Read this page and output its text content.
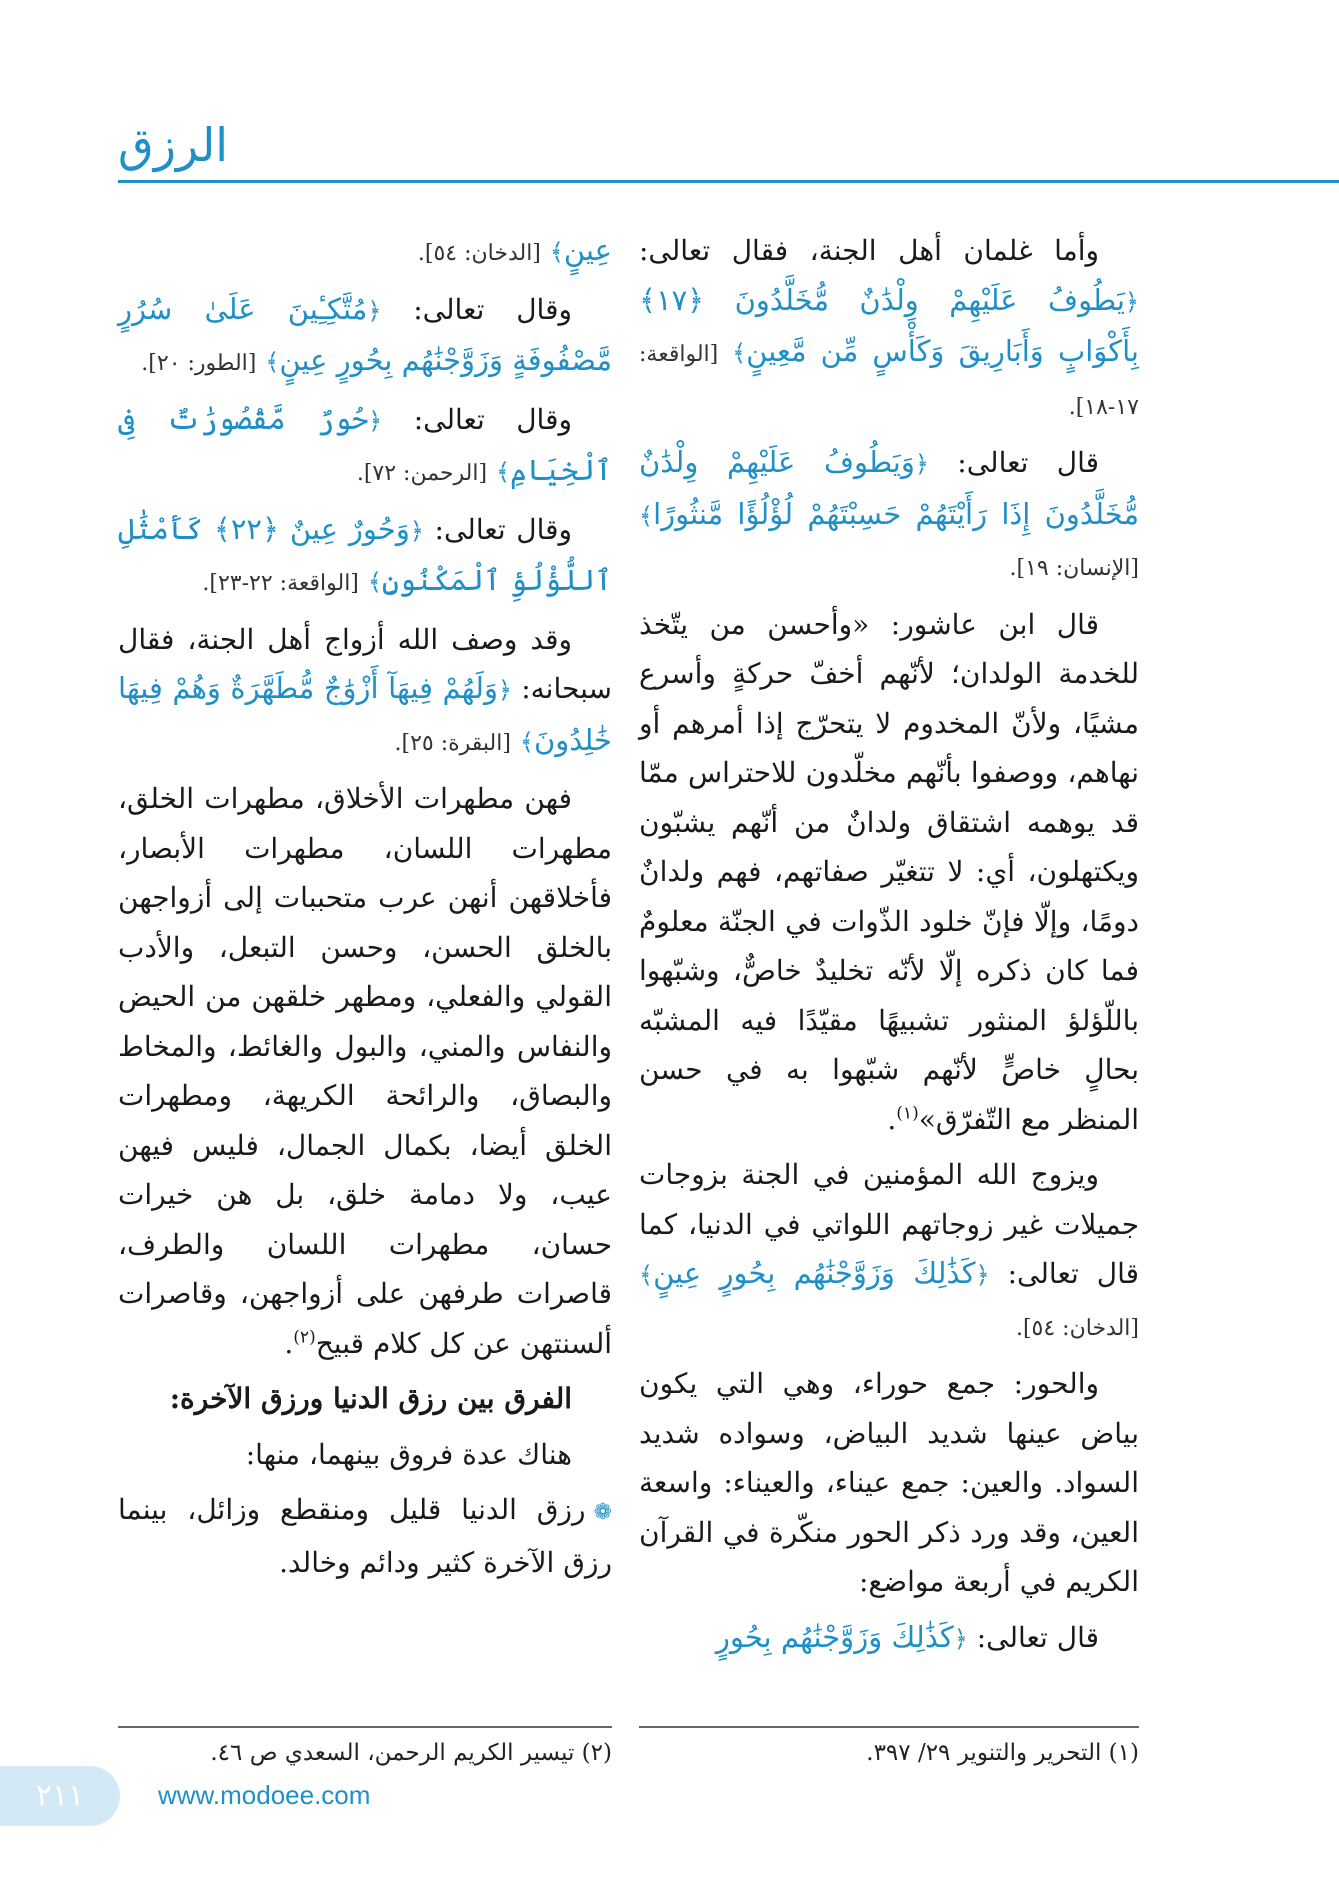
الرزق

وأما غلمان أهل الجنة، فقال تعالى: ﴿يَطُوفُ عَلَيْهِمْ وِلْدَٰنٌ مُّخَلَّدُونَ ﴿١٧﴾ بِأَكْوَابٍ وَأَبَارِيقَ وَكَأْسٍ مِّن مَّعِينٍ﴾ [الواقعة: ١٧-١٨].

قال تعالى: ﴿وَيَطُوفُ عَلَيْهِمْ وِلْدَٰنٌ مُّخَلَّدُونَ إِذَا رَأَيْتَهُمْ حَسِبْتَهُمْ لُؤْلُؤًا مَّنثُورًا﴾ [الإنسان: ١٩].

قال ابن عاشور: «وأحسن من يتّخذ للخدمة الولدان؛ لأنّهم أخفّ حركةٍ وأسرع مشيًا، ولأنّ المخدوم لا يتحرّج إذا أمرهم أو نهاهم، ووصفوا بأنّهم مخلّدون للاحتراس ممّا قد يوهمه اشتقاق ولدانٌ من أنّهم يشبّون ويكتهلون، أي: لا تتغيّر صفاتهم، فهم ولدانٌ دومًا، وإلّا فإنّ خلود الذّوات في الجنّة معلومٌ فما كان ذكره إلّا لأنّه تخليدٌ خاصٌّ، وشبّهوا باللّؤلؤ المنثور تشبيهًا مقيّدًا فيه المشبّه بحالٍ خاصٍّ لأنّهم شبّهوا به في حسن المنظر مع التّفرّق»$^{(١)}$.

ويزوج الله المؤمنين في الجنة بزوجات جميلات غير زوجاتهم اللواتي في الدنيا، كما قال تعالى: ﴿كَذَٰلِكَ وَزَوَّجْنَٰهُم بِحُورٍ عِينٍ﴾ [الدخان: ٥٤].

والحور: جمع حوراء، وهي التي يكون بياض عينها شديد البياض، وسواده شديد السواد. والعين: جمع عيناء، والعيناء: واسعة العين، وقد ورد ذكر الحور منكّرة في القرآن الكريم في أربعة مواضع:

قال تعالى: ﴿كَذَٰلِكَ وَزَوَّجْنَٰهُم بِحُورٍ

عِينٍ﴾ [الدخان: ٥٤].

وقال تعالى: ﴿مُتَّكِـِٔينَ عَلَىٰ سُرُرٍ مَّصْفُوفَةٍ وَزَوَّجْنَٰهُم بِحُورٍ عِينٍ﴾ [الطور: ٢٠].

وقال تعالى: ﴿حُورٌ مَّقْصُورَٰتٌ فِى ٱلْخِيَامِ﴾ [الرحمن: ٧٢].

وقال تعالى: ﴿وَحُورٌ عِينٌ ﴿٢٢﴾ كَأَمْثَٰلِ ٱللُّؤْلُؤِ ٱلْمَكْنُونِ﴾ [الواقعة: ٢٢-٢٣].

وقد وصف الله أزواج أهل الجنة، فقال سبحانه: ﴿وَلَهُمْ فِيهَآ أَزْوَٰجٌ مُّطَهَّرَةٌ وَهُمْ فِيهَا خَٰلِدُونَ﴾ [البقرة: ٢٥].

فهن مطهرات الأخلاق، مطهرات الخلق، مطهرات اللسان، مطهرات الأبصار، فأخلاقهن أنهن عرب متحببات إلى أزواجهن بالخلق الحسن، وحسن التبعل، والأدب القولي والفعلي، ومطهر خلقهن من الحيض والنفاس والمني، والبول والغائط، والمخاط والبصاق، والرائحة الكريهة، ومطهرات الخلق أيضا، بكمال الجمال، فليس فيهن عيب، ولا دمامة خلق، بل هن خيرات حسان، مطهرات اللسان والطرف، قاصرات طرفهن على أزواجهن، وقاصرات ألسنتهن عن كل كلام قبيح$^{(٢)}$.

الفرق بين رزق الدنيا ورزق الآخرة:

هناك عدة فروق بينهما، منها:

❁رزق الدنيا قليل ومنقطع وزائل، بينما رزق الآخرة كثير ودائم وخالد.

(١) التحرير والتنوير ٢٩/ ٣٩٧.
(٢) تيسير الكريم الرحمن، السعدي ص ٤٦.
٢١١	www.modoee.com
